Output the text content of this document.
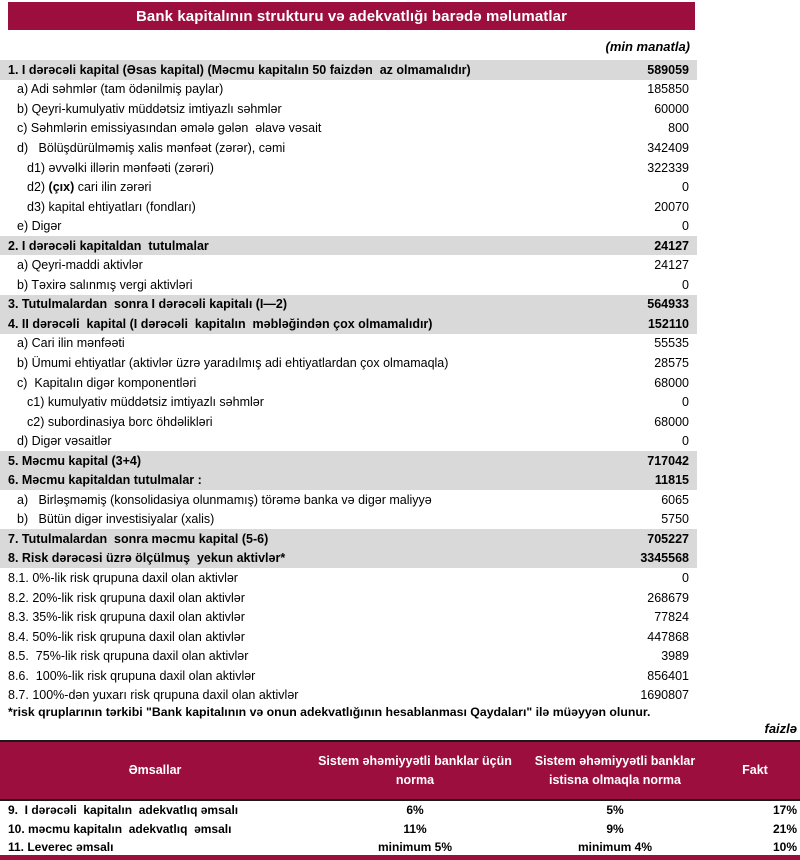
Bank kapitalının strukturu və adekvatlığı barədə məlumatlar
(min manatla)
1. I dərəcəli kapital (Əsas kapital) (Məcmu kapitalın 50 faizdən  az olmamalıdır)	589059
a) Adi səhmlər (tam ödənilmiş paylar)	185850
b) Qeyri-kumulyativ müddətsiz imtiyazlı səhmlər	60000
c) Səhmlərin emissiyasından əmələ gələn  əlavə vəsait	800
d)   Bölüşdürülməmiş xalis mənfəət (zərər), cəmi	342409
d1) əvvəlki illərin mənfəəti (zərəri)	322339
d2) (çıx) cari ilin zərəri	0
d3) kapital ehtiyatları (fondları)	20070
e) Digər	0
2. I dərəcəli kapitaldan  tutulmalar	24127
a) Qeyri-maddi aktivlər	24127
b) Təxirə salınmış vergi aktivləri	0
3. Tutulmalardan  sonra I dərəcəli kapitalı (I—2)	564933
4. II dərəcəli  kapital (I dərəcəli  kapitalın  məbləğindən çox olmamalıdır)	152110
a) Cari ilin mənfəəti	55535
b) Ümumi ehtiyatlar (aktivlər üzrə yaradılmış adi ehtiyatlardan çox olmamaqla)	28575
c)  Kapitalın digər komponentləri	68000
c1) kumulyativ müddətsiz imtiyazlı səhmlər	0
c2) subordinasiya borc öhdəlikləri	68000
d) Digər vəsaitlər	0
5. Məcmu kapital (3+4)	717042
6. Məcmu kapitaldan tutulmalar :	11815
a)   Birləşməmiş (konsolidasiya olunmamış) törəmə banka və digər maliyyə	6065
b)   Bütün digər investisiyalar (xalis)	5750
7. Tutulmalardan  sonra məcmu kapital (5-6)	705227
8. Risk dərəcəsi üzrə ölçülmuş  yekun aktivlər*	3345568
8.1. 0%-lik risk qrupuna daxil olan aktivlər	0
8.2. 20%-lik risk qrupuna daxil olan aktivlər	268679
8.3. 35%-lik risk qrupuna daxil olan aktivlər	77824
8.4. 50%-lik risk qrupuna daxil olan aktivlər	447868
8.5.  75%-lik risk qrupuna daxil olan aktivlər	3989
8.6.  100%-lik risk qrupuna daxil olan aktivlər	856401
8.7. 100%-dən yuxarı risk qrupuna daxil olan aktivlər	1690807
*risk qruplarının tərkibi "Bank kapitalının və onun adekvatlığının hesablanması Qaydaları" ilə müəyyən olunur.
faizlə
Əmsallar
Sistem əhəmiyyətli banklar üçün norma
Sistem əhəmiyyətli banklar istisna olmaqla norma
Fakt
9.  I dərəcəli  kapitalın  adekvatlıq əmsalı	6%	5%	17%
10. məcmu kapitalın  adekvatlıq  əmsalı	11%	9%	21%
11. Leverec əmsalı	minimum 5%	minimum 4%	10%
